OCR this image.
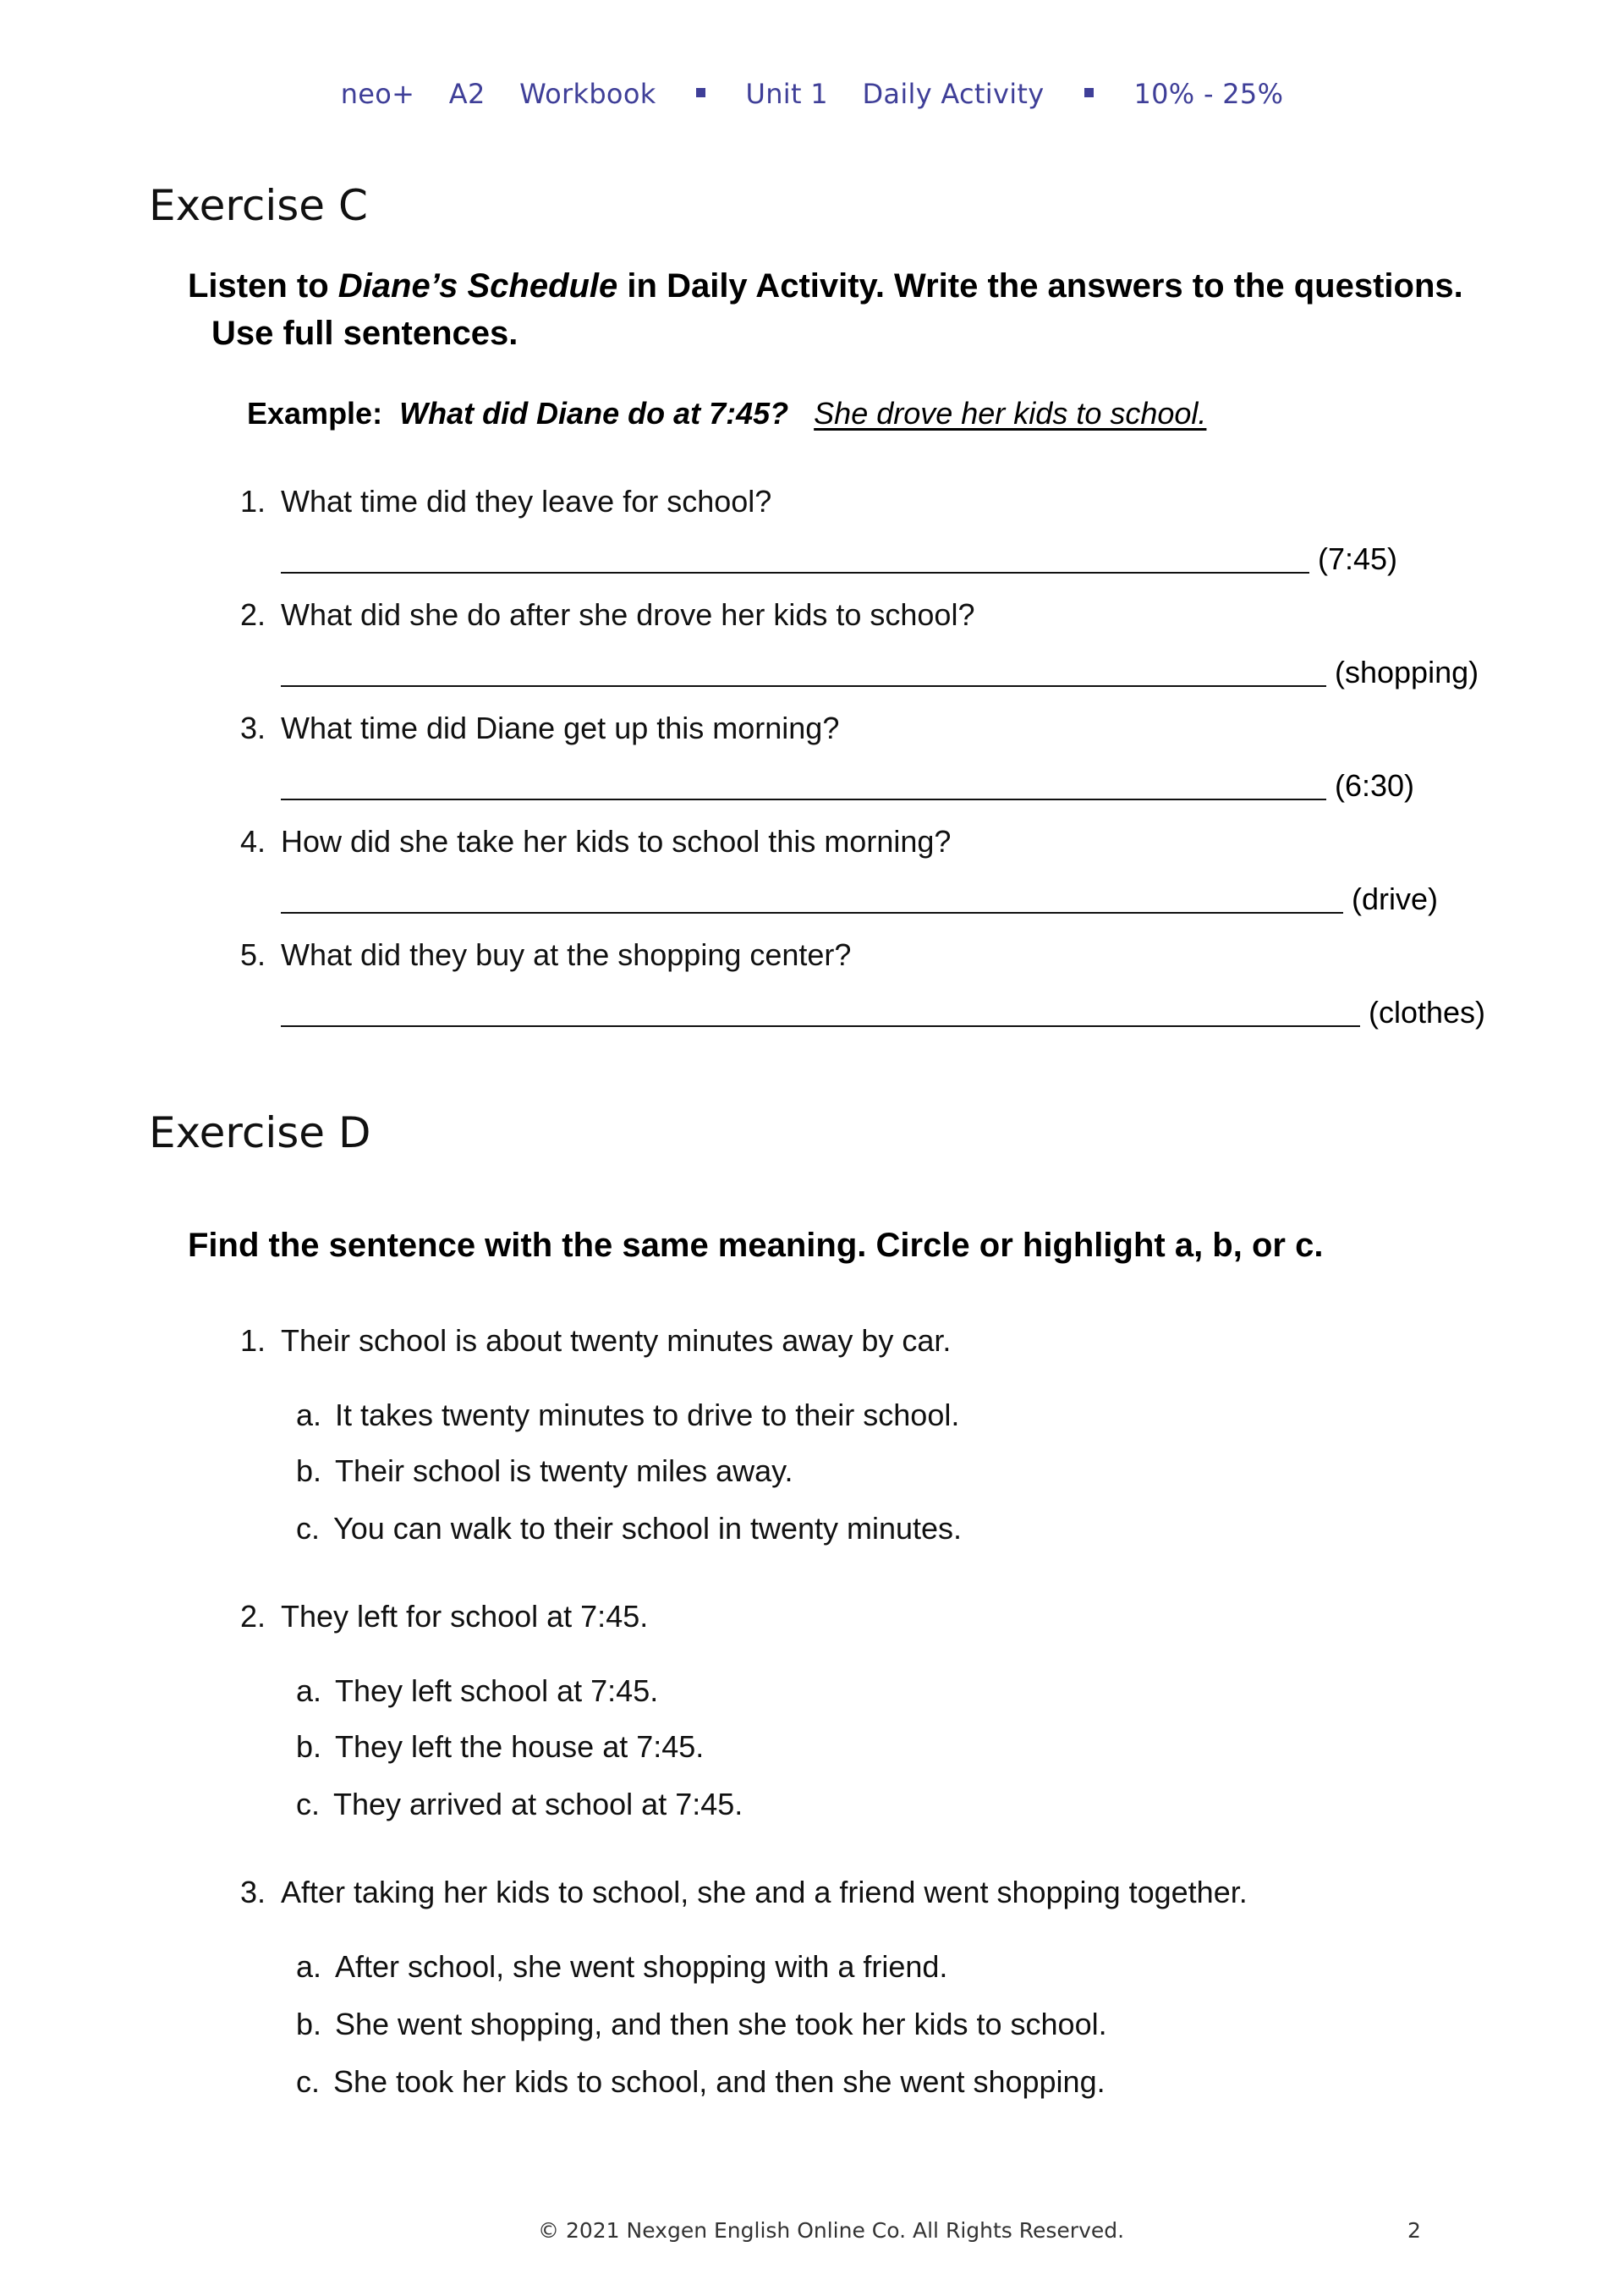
neo+ A2 Workbook	Unit 1 Daily Activity	10% - 25%
Exercise C
Listen to Diane’s Schedule in Daily Activity. Write the answers to the questions.
Use full sentences.
Example: What did Diane do at 7:45? She drove her kids to school.
1. What time did they leave for school?
(7:45)
2. What did she do after she drove her kids to school?
(shopping)
3. What time did Diane get up this morning?
(6:30)
4. How did she take her kids to school this morning?
(drive)
5. What did they buy at the shopping center?
(clothes)
Exercise D
Find the sentence with the same meaning. Circle or highlight a, b, or c.
1. Their school is about twenty minutes away by car.
a. It takes twenty minutes to drive to their school.
b. Their school is twenty miles away.
c. You can walk to their school in twenty minutes.
2. They left for school at 7:45.
a. They left school at 7:45.
b. They left the house at 7:45.
c. They arrived at school at 7:45.
3. After taking her kids to school, she and a friend went shopping together.
a. After school, she went shopping with a friend.
b. She went shopping, and then she took her kids to school.
c. She took her kids to school, and then she went shopping.
© 2021 Nexgen English Online Co. All Rights Reserved.	2
